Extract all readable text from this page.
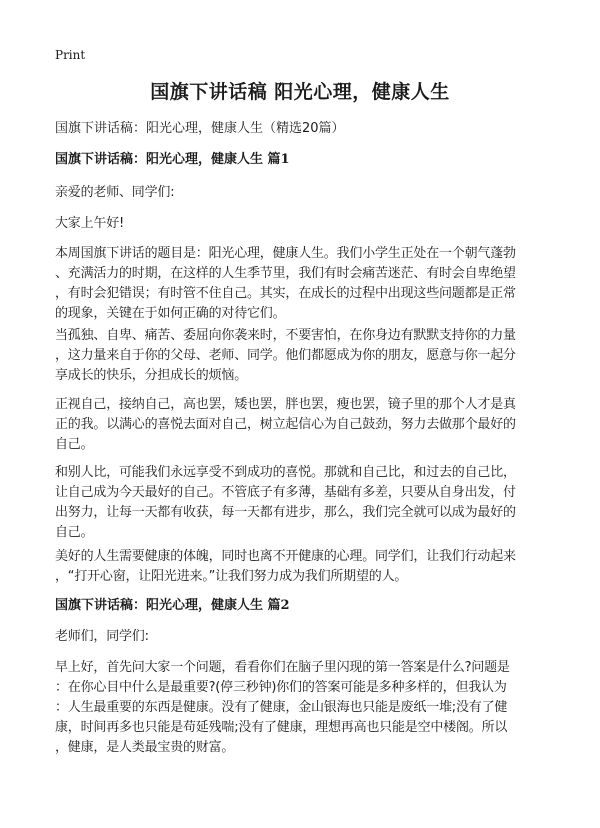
Print
国旗下讲话稿 阳光心理，健康人生
国旗下讲话稿：阳光心理，健康人生（精选20篇）
国旗下讲话稿：阳光心理，健康人生 篇1
亲爱的老师、同学们:
大家上午好!
本周国旗下讲话的题目是：阳光心理，健康人生。我们小学生正处在一个朝气蓬勃
、充满活力的时期，在这样的人生季节里，我们有时会痛苦迷茫、有时会自卑绝望
，有时会犯错误；有时管不住自己。其实，在成长的过程中出现这些问题都是正常
的现象，关键在于如何正确的对待它们。
当孤独、自卑、痛苦、委屈向你袭来时，不要害怕，在你身边有默默支持你的力量
，这力量来自于你的父母、老师、同学。他们都愿成为你的朋友，愿意与你一起分
享成长的快乐，分担成长的烦恼。
正视自己，接纳自己，高也罢，矮也罢，胖也罢，瘦也罢，镜子里的那个人才是真
正的我。以满心的喜悦去面对自己，树立起信心为自己鼓劲，努力去做那个最好的
自己。
和别人比，可能我们永远享受不到成功的喜悦。那就和自己比，和过去的自己比，
让自己成为今天最好的自己。不管底子有多薄，基础有多差，只要从自身出发，付
出努力，让每一天都有收获，每一天都有进步，那么，我们完全就可以成为最好的
自己。
美好的人生需要健康的体魄，同时也离不开健康的心理。同学们，让我们行动起来
，“打开心窗，让阳光进来。”让我们努力成为我们所期望的人。
国旗下讲话稿：阳光心理，健康人生 篇2
老师们，同学们:
早上好，首先问大家一个问题，看看你们在脑子里闪现的第一答案是什么?问题是
：在你心目中什么是最重要?(停三秒钟)你们的答案可能是多种多样的，但我认为
：人生最重要的东西是健康。没有了健康，金山银海也只能是废纸一堆;没有了健
康，时间再多也只能是苟延残喘;没有了健康，理想再高也只能是空中楼阁。所以
，健康，是人类最宝贵的财富。
